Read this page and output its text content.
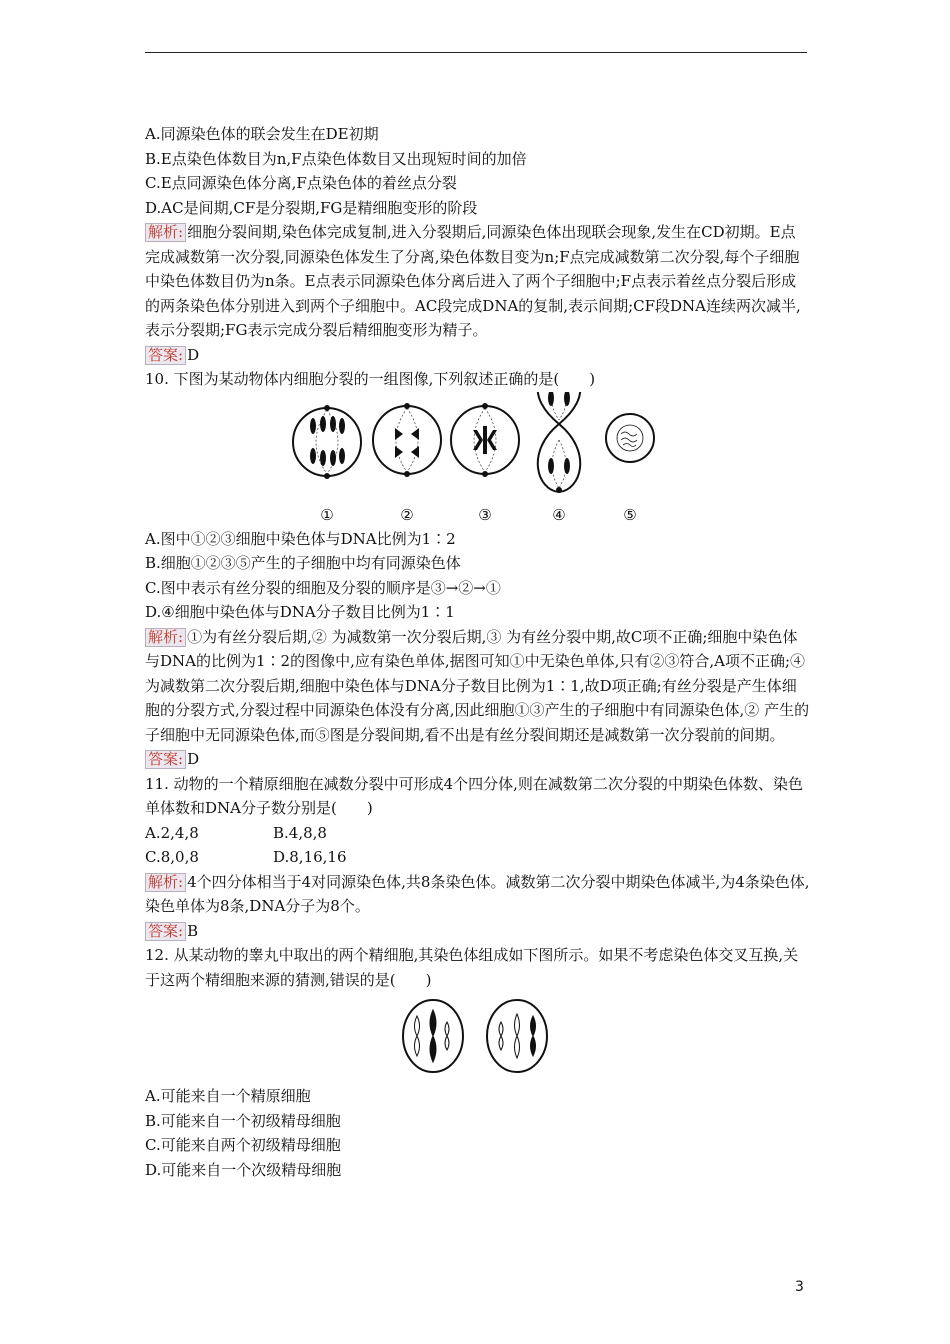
A.同源染色体的联会发生在DE初期
B.E点染色体数目为n,F点染色体数目又出现短时间的加倍
C.E点同源染色体分离,F点染色体的着丝点分裂
D.AC是间期,CF是分裂期,FG是精细胞变形的阶段
解析: 细胞分裂间期,染色体完成复制,进入分裂期后,同源染色体出现联会现象,发生在CD初期。E点完成减数第一次分裂,同源染色体发生了分离,染色体数目变为n;F点完成减数第二次分裂,每个子细胞中染色体数目仍为n条。E点表示同源染色体分离后进入了两个子细胞中;F点表示着丝点分裂后形成的两条染色体分别进入到两个子细胞中。AC段完成DNA的复制,表示间期;CF段DNA连续两次减半,表示分裂期;FG表示完成分裂后精细胞变形为精子。
答案: D
10. 下图为某动物体内细胞分裂的一组图像,下列叙述正确的是(　　)
①	②	③	④	⑤
A.图中①②③细胞中染色体与DNA比例为1∶2
B.细胞①②③⑤产生的子细胞中均有同源染色体
C.图中表示有丝分裂的细胞及分裂的顺序是③→②→①
D.④细胞中染色体与DNA分子数目比例为1∶1
解析: ①为有丝分裂后期,② 为减数第一次分裂后期,③ 为有丝分裂中期,故C项不正确;细胞中染色体与DNA的比例为1∶2的图像中,应有染色单体,据图可知①中无染色单体,只有②③符合,A项不正确;④ 为减数第二次分裂后期,细胞中染色体与DNA分子数目比例为1∶1,故D项正确;有丝分裂是产生体细胞的分裂方式,分裂过程中同源染色体没有分离,因此细胞①③产生的子细胞中有同源染色体,② 产生的子细胞中无同源染色体,而⑤图是分裂间期,看不出是有丝分裂间期还是减数第一次分裂前的间期。
答案: D
11. 动物的一个精原细胞在减数分裂中可形成4个四分体,则在减数第二次分裂的中期染色体数、染色单体数和DNA分子数分别是(　　)
A.2,4,8	B.4,8,8
C.8,0,8	D.8,16,16
解析: 4个四分体相当于4对同源染色体,共8条染色体。减数第二次分裂中期染色体减半,为4条染色体,染色单体为8条,DNA分子为8个。
答案: B
12. 从某动物的睾丸中取出的两个精细胞,其染色体组成如下图所示。如果不考虑染色体交叉互换,关于这两个精细胞来源的猜测,错误的是(　　)
A.可能来自一个精原细胞
B.可能来自一个初级精母细胞
C.可能来自两个初级精母细胞
D.可能来自一个次级精母细胞
3
